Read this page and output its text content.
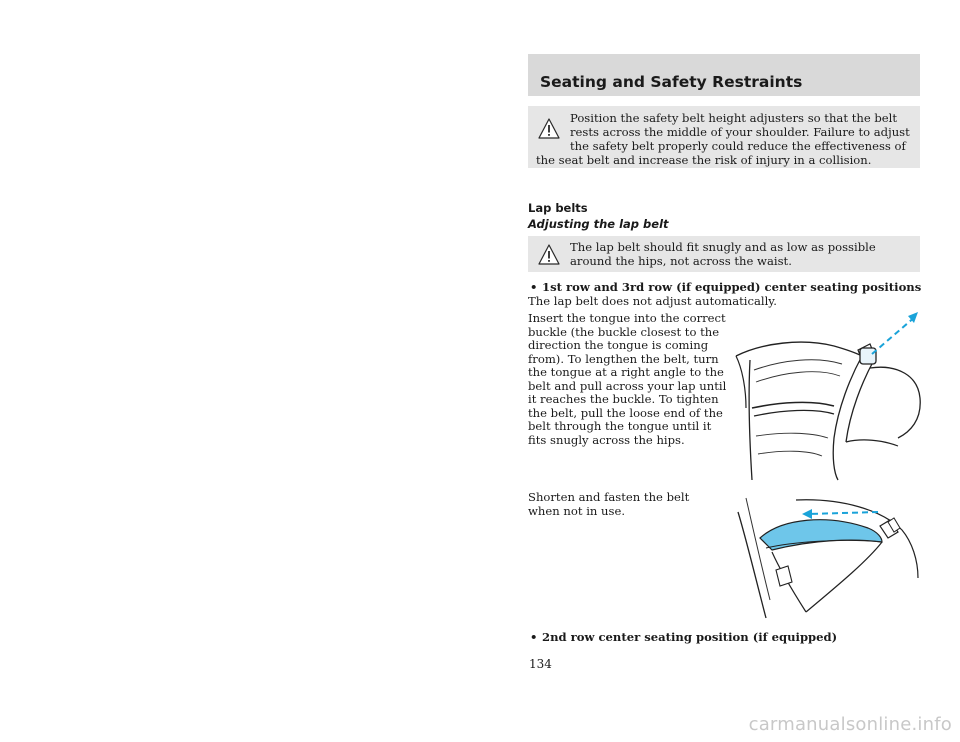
Seating and Safety Restraints
Position the safety belt height adjusters so that the belt rests across the middle of your shoulder. Failure to adjust the safety belt properly could reduce the effectiveness of the seat belt and increase the risk of injury in a collision.
Lap belts
Adjusting the lap belt
The lap belt should fit snugly and as low as possible around the hips, not across the waist.
• 1st row and 3rd row (if equipped) center seating positions
The lap belt does not adjust automatically.
Insert the tongue into the correct buckle (the buckle closest to the direction the tongue is coming from). To lengthen the belt, turn the tongue at a right angle to the belt and pull across your lap until it reaches the buckle. To tighten the belt, pull the loose end of the belt through the tongue until it fits snugly across the hips.
Shorten and fasten the belt when not in use.
• 2nd row center seating position (if equipped)
134
carmanualsonline.info
